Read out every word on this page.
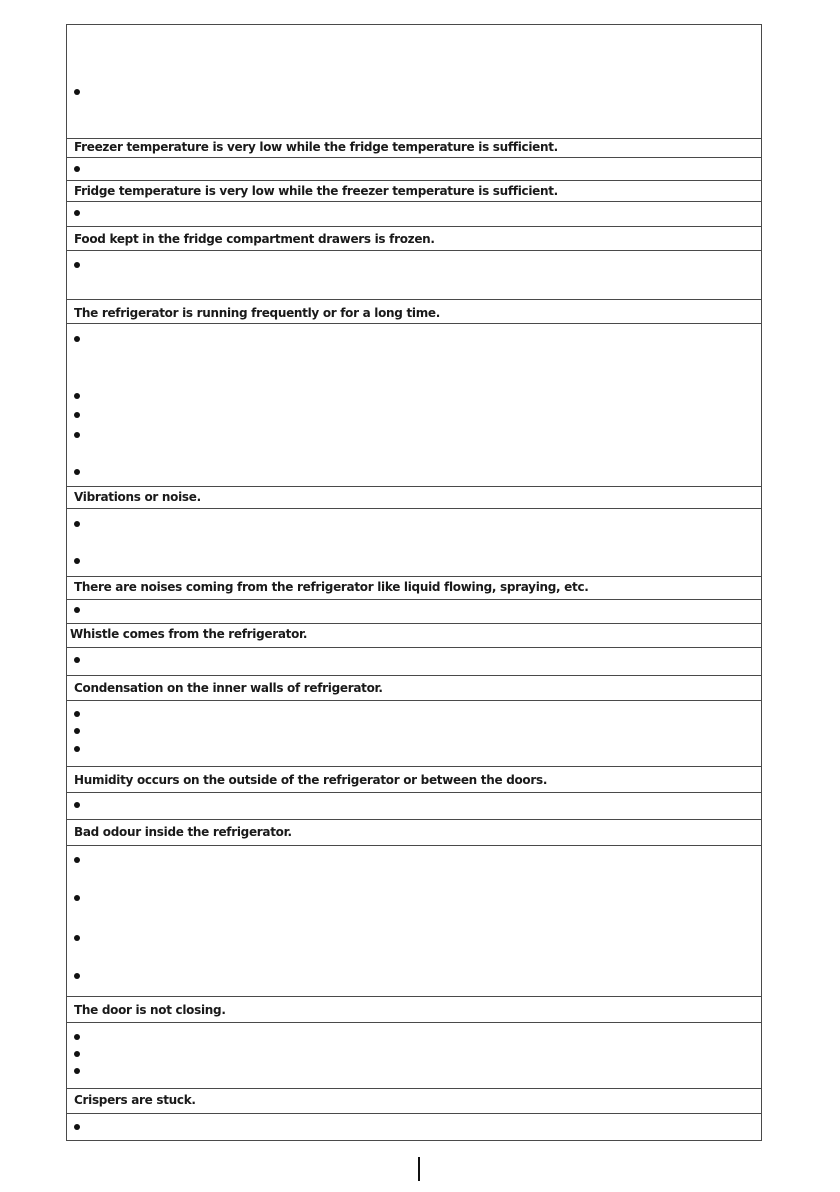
Freezer temperature is very low while the fridge temperature is sufficient.
Fridge temperature is very low while the freezer temperature is sufficient.
Food kept in the fridge compartment drawers is frozen.
The refrigerator is running frequently or for a long time.
Vibrations or noise.
There are noises coming from the refrigerator like liquid flowing, spraying, etc.
Whistle comes from the refrigerator.
Condensation on the inner walls of refrigerator.
Humidity occurs on the outside of the refrigerator or between the doors.
Bad odour inside the refrigerator.
The door is not closing.
Crispers are stuck.
